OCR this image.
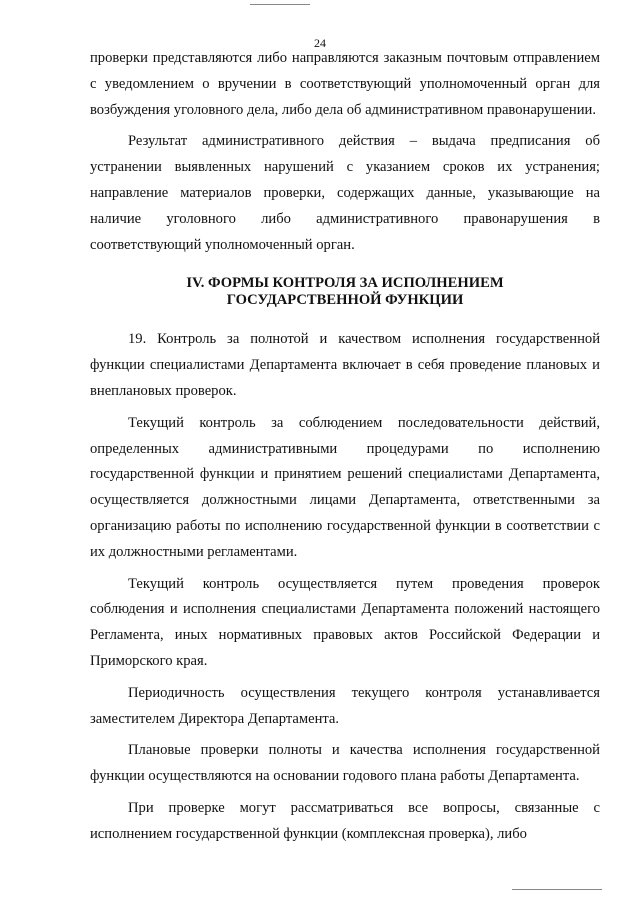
24

проверки представляются либо направляются заказным почтовым отправлением с уведомлением о вручении в соответствующий уполномоченный орган для возбуждения уголовного дела, либо дела об административном правонарушении.

Результат административного действия – выдача предписания об устранении выявленных нарушений с указанием сроков их устранения; направление материалов проверки, содержащих данные, указывающие на наличие уголовного либо административного правонарушения в соответствующий уполномоченный орган.

IV. ФОРМЫ КОНТРОЛЯ ЗА ИСПОЛНЕНИЕМ
ГОСУДАРСТВЕННОЙ ФУНКЦИИ

19. Контроль за полнотой и качеством исполнения государственной функции специалистами Департамента включает в себя проведение плановых и внеплановых проверок.

Текущий контроль за соблюдением последовательности действий, определенных административными процедурами по исполнению государственной функции и принятием решений специалистами Департамента, осуществляется должностными лицами Департамента, ответственными за организацию работы по исполнению государственной функции в соответствии с их должностными регламентами.

Текущий контроль осуществляется путем проведения проверок соблюдения и исполнения специалистами Департамента положений настоящего Регламента, иных нормативных правовых актов Российской Федерации и Приморского края.

Периодичность осуществления текущего контроля устанавливается заместителем Директора Департамента.

Плановые проверки полноты и качества исполнения государственной функции осуществляются на основании годового плана работы Департамента.

При проверке могут рассматриваться все вопросы, связанные с исполнением государственной функции (комплексная проверка), либо
